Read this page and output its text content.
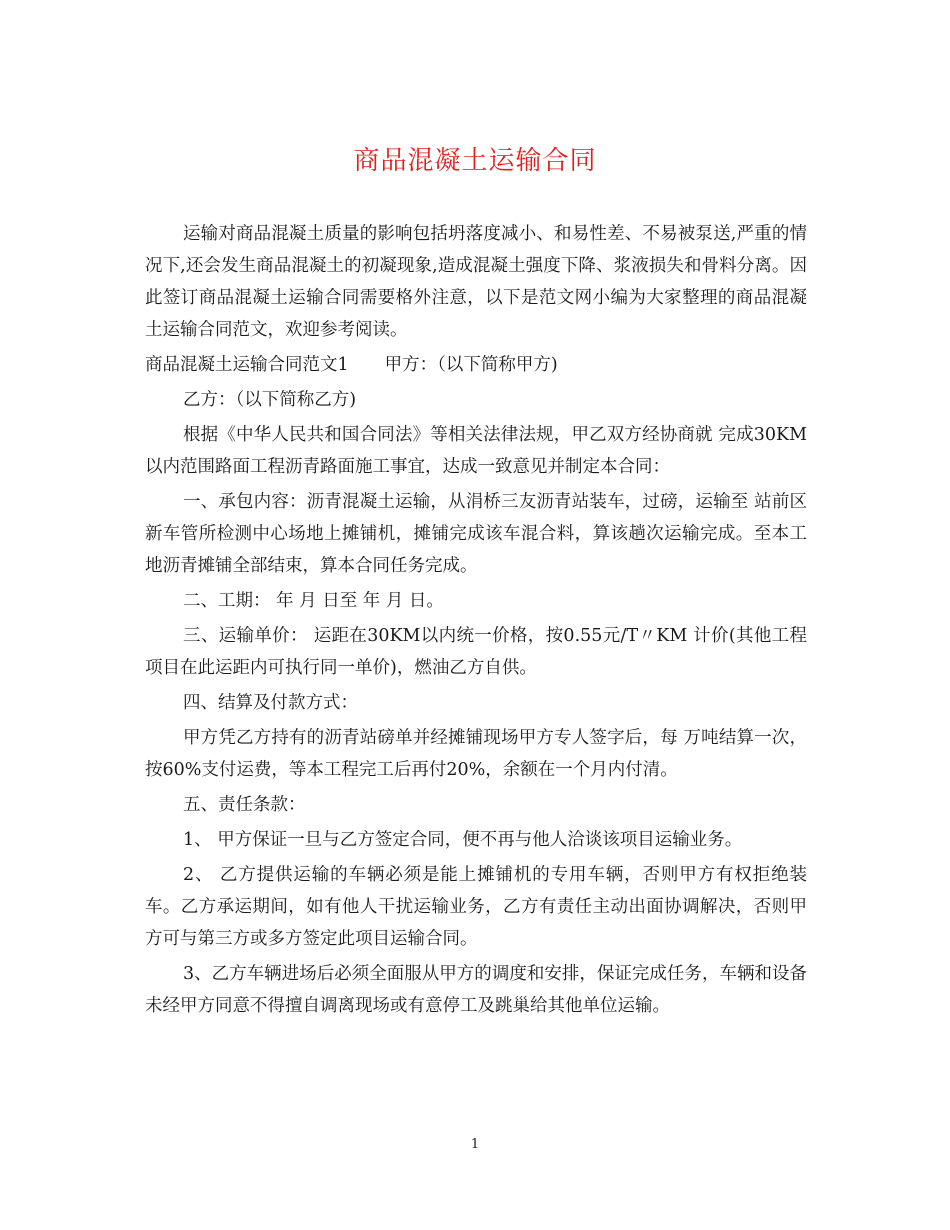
商品混凝土运输合同

运输对商品混凝土质量的影响包括坍落度减小、和易性差、不易被泵送,严重的情况下,还会发生商品混凝土的初凝现象,造成混凝土强度下降、浆液损失和骨料分离。因此签订商品混凝土运输合同需要格外注意，以下是范文网小编为大家整理的商品混凝土运输合同范文，欢迎参考阅读。

商品混凝土运输合同范文1 甲方：（以下简称甲方)

乙方：（以下简称乙方)

根据《中华人民共和国合同法》等相关法律法规，甲乙双方经协商就 完成30KM以内范围路面工程沥青路面施工事宜，达成一致意见并制定本合同：

一、承包内容：沥青混凝土运输，从涓桥三友沥青站装车，过磅，运输至 站前区新车管所检测中心场地上摊铺机，摊铺完成该车混合料，算该趟次运输完成。至本工地沥青摊铺全部结束，算本合同任务完成。

二、工期： 年 月 日至 年 月 日。

三、运输单价： 运距在30KM以内统一价格，按0.55元/T〃KM 计价(其他工程项目在此运距内可执行同一单价)，燃油乙方自供。

四、结算及付款方式：

甲方凭乙方持有的沥青站磅单并经摊铺现场甲方专人签字后，每 万吨结算一次，按60%支付运费，等本工程完工后再付20%，余额在一个月内付清。

五、责任条款：

1、 甲方保证一旦与乙方签定合同，便不再与他人洽谈该项目运输业务。

2、 乙方提供运输的车辆必须是能上摊铺机的专用车辆，否则甲方有权拒绝装车。乙方承运期间，如有他人干扰运输业务，乙方有责任主动出面协调解决，否则甲方可与第三方或多方签定此项目运输合同。

3、乙方车辆进场后必须全面服从甲方的调度和安排，保证完成任务，车辆和设备未经甲方同意不得擅自调离现场或有意停工及跳巢给其他单位运输。

1
